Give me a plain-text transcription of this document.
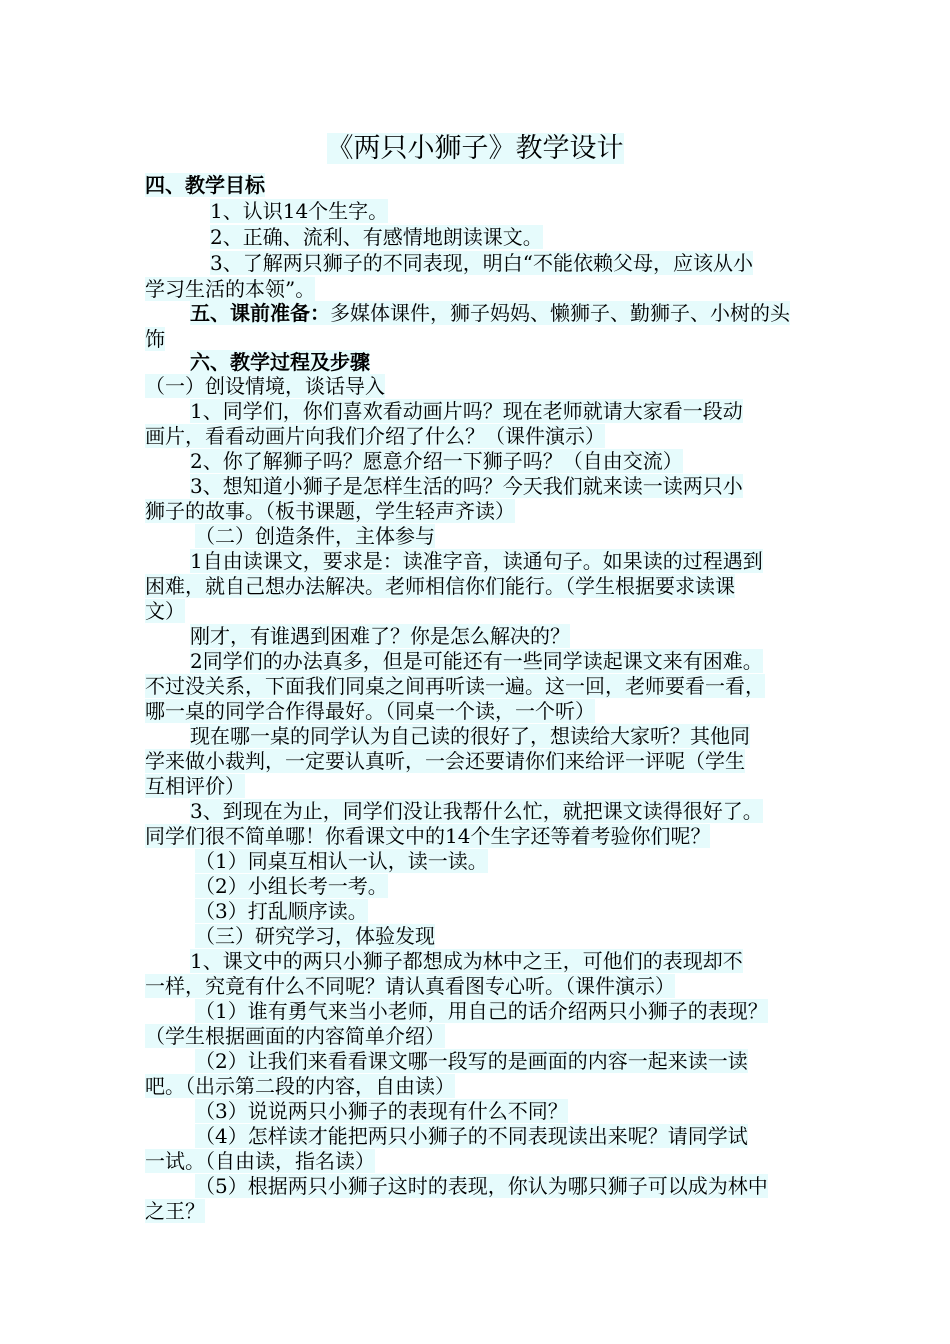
《两只小狮子》教学设计
四、教学目标
1、认识14个生字。
2、正确、流利、有感情地朗读课文。
3、了解两只狮子的不同表现，明白“不能依赖父母，应该从小
学习生活的本领”。
五、课前准备：多媒体课件，狮子妈妈、懒狮子、勤狮子、小树的头
饰
六、教学过程及步骤
（一）创设情境，谈话导入
1、同学们，你们喜欢看动画片吗？现在老师就请大家看一段动
画片，看看动画片向我们介绍了什么？（课件演示）
2、你了解狮子吗？愿意介绍一下狮子吗？（自由交流）
3、想知道小狮子是怎样生活的吗？今天我们就来读一读两只小
狮子的故事。（板书课题，学生轻声齐读）
（二）创造条件，主体参与
1自由读课文，要求是：读准字音，读通句子。如果读的过程遇到
困难，就自己想办法解决。老师相信你们能行。（学生根据要求读课
文）
刚才，有谁遇到困难了？你是怎么解决的？
2同学们的办法真多，但是可能还有一些同学读起课文来有困难。
不过没关系，下面我们同桌之间再听读一遍。这一回，老师要看一看，
哪一桌的同学合作得最好。（同桌一个读，一个听）
现在哪一桌的同学认为自己读的很好了，想读给大家听？其他同
学来做小裁判，一定要认真听，一会还要请你们来给评一评呢（学生
互相评价）
3、到现在为止，同学们没让我帮什么忙，就把课文读得很好了。
同学们很不简单哪！你看课文中的14个生字还等着考验你们呢？
（1）同桌互相认一认，读一读。
（2）小组长考一考。
（3）打乱顺序读。
（三）研究学习，体验发现
1、课文中的两只小狮子都想成为林中之王，可他们的表现却不
一样，究竟有什么不同呢？请认真看图专心听。（课件演示）
（1）谁有勇气来当小老师，用自己的话介绍两只小狮子的表现？
（学生根据画面的内容简单介绍）
（2）让我们来看看课文哪一段写的是画面的内容一起来读一读
吧。（出示第二段的内容，自由读）
（3）说说两只小狮子的表现有什么不同？
（4）怎样读才能把两只小狮子的不同表现读出来呢？请同学试
一试。（自由读，指名读）
（5）根据两只小狮子这时的表现，你认为哪只狮子可以成为林中
之王？
